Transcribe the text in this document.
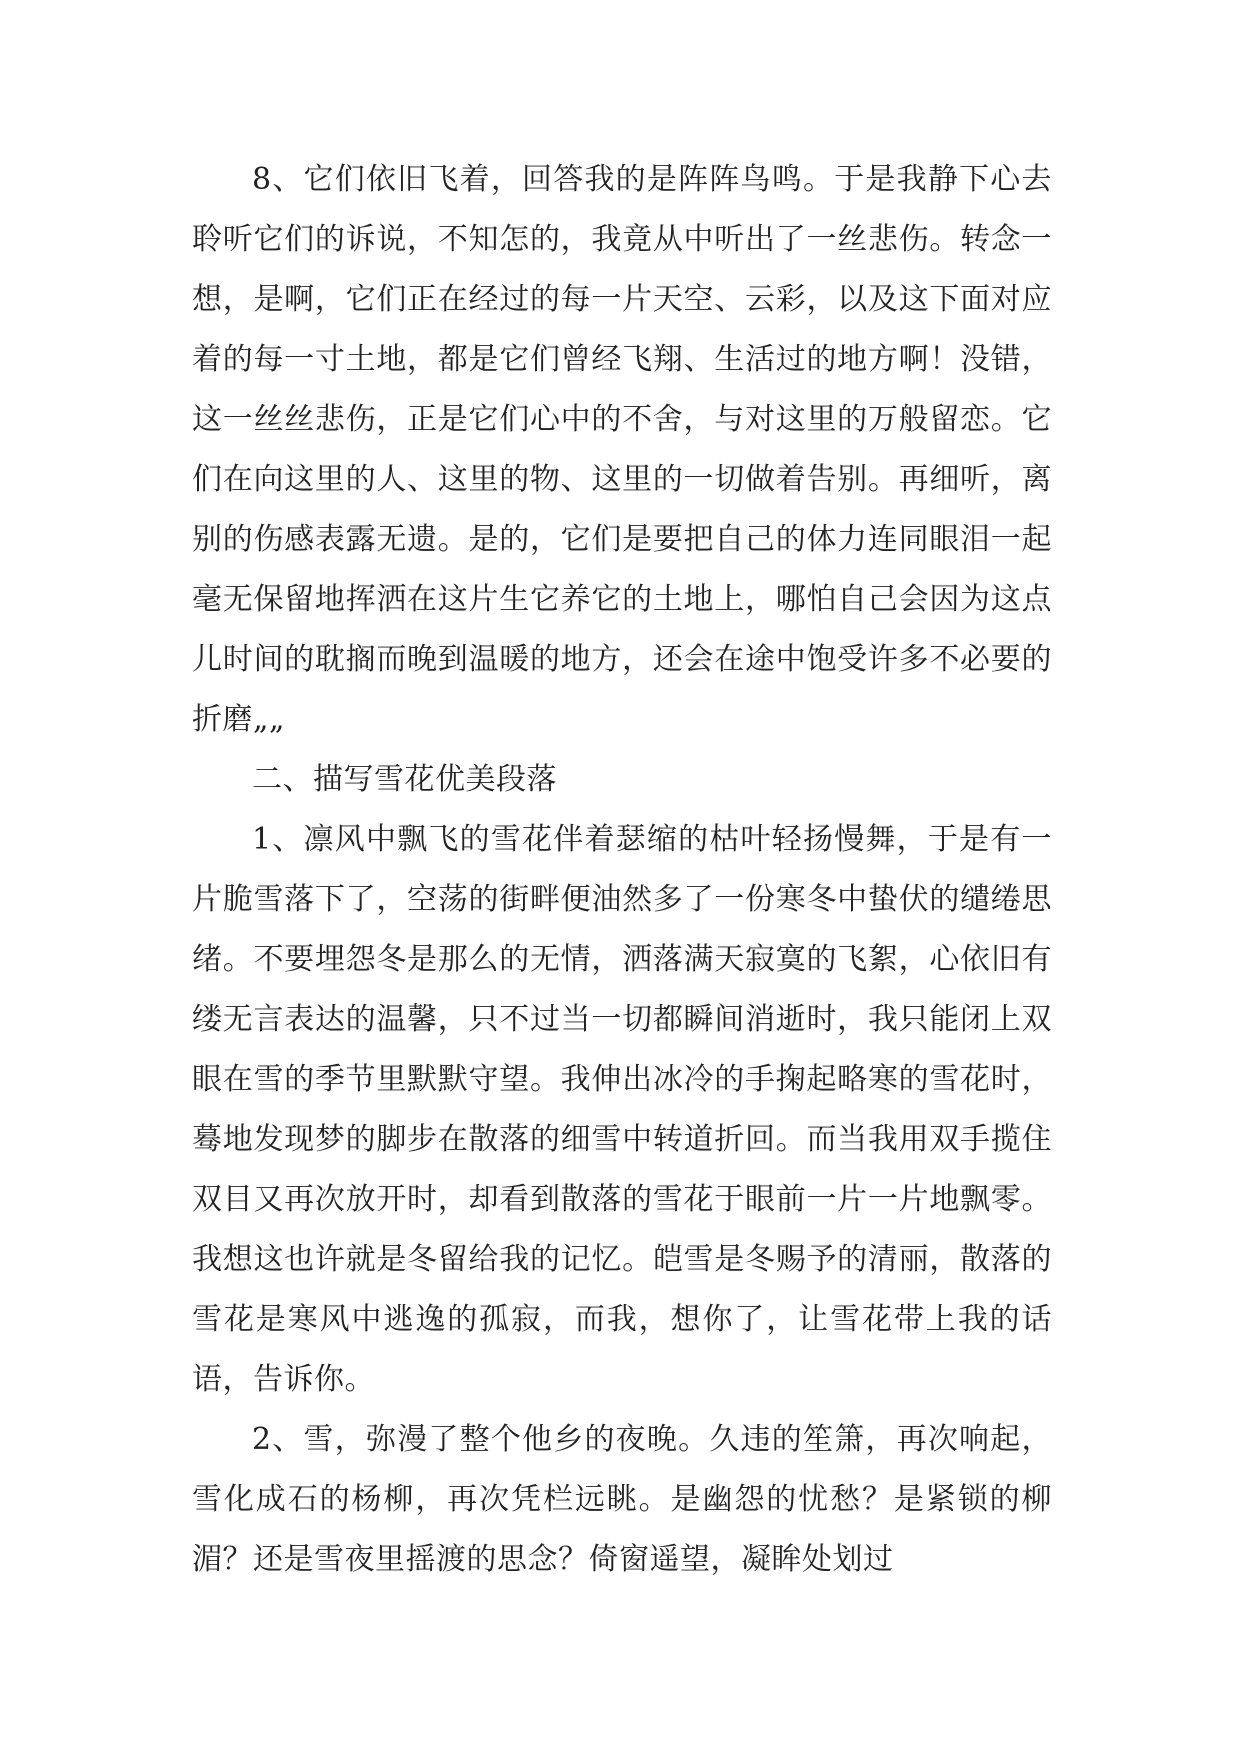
8、它们依旧飞着，回答我的是阵阵鸟鸣。于是我静下心去聆听它们的诉说，不知怎的，我竟从中听出了一丝悲伤。转念一想，是啊，它们正在经过的每一片天空、云彩，以及这下面对应着的每一寸土地，都是它们曾经飞翔、生活过的地方啊！没错，这一丝丝悲伤，正是它们心中的不舍，与对这里的万般留恋。它们在向这里的人、这里的物、这里的一切做着告别。再细听，离别的伤感表露无遗。是的，它们是要把自己的体力连同眼泪一起毫无保留地挥洒在这片生它养它的土地上，哪怕自己会因为这点儿时间的耽搁而晚到温暖的地方，还会在途中饱受许多不必要的折磨„„

二、描写雪花优美段落

1、凛风中飘飞的雪花伴着瑟缩的枯叶轻扬慢舞，于是有一片脆雪落下了，空荡的街畔便油然多了一份寒冬中蛰伏的缱绻思绪。不要埋怨冬是那么的无情，洒落满天寂寞的飞絮，心依旧有缕无言表达的温馨，只不过当一切都瞬间消逝时，我只能闭上双眼在雪的季节里默默守望。我伸出冰冷的手掬起略寒的雪花时，蓦地发现梦的脚步在散落的细雪中转道折回。而当我用双手揽住双目又再次放开时，却看到散落的雪花于眼前一片一片地飘零。我想这也许就是冬留给我的记忆。皑雪是冬赐予的清丽，散落的雪花是寒风中逃逸的孤寂，而我，想你了，让雪花带上我的话语，告诉你。

2、雪，弥漫了整个他乡的夜晚。久违的笙箫，再次响起，雪化成石的杨柳，再次凭栏远眺。是幽怨的忧愁？是紧锁的柳湄？还是雪夜里摇渡的思念？倚窗遥望，凝眸处划过
